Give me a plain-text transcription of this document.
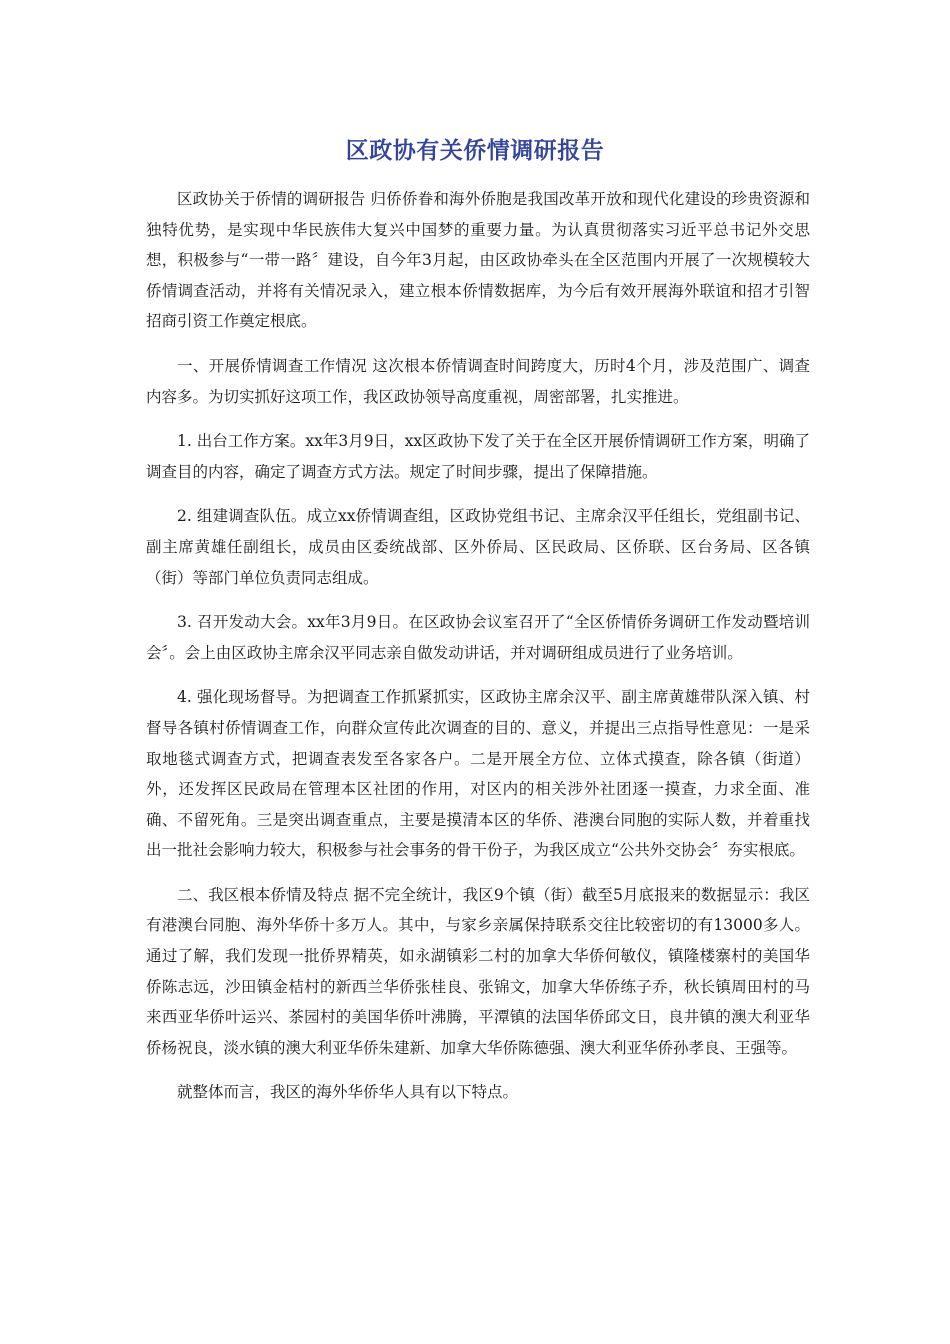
区政协有关侨情调研报告

区政协关于侨情的调研报告 归侨侨眷和海外侨胞是我国改革开放和现代化建设的珍贵资源和独特优势，是实现中华民族伟大复兴中国梦的重要力量。为认真贯彻落实习近平总书记外交思想，积极参与“一带一路〞建设，自今年3月起，由区政协牵头在全区范围内开展了一次规模较大侨情调查活动，并将有关情况录入，建立根本侨情数据库，为今后有效开展海外联谊和招才引智招商引资工作奠定根底。

一、开展侨情调查工作情况 这次根本侨情调查时间跨度大，历时4个月，涉及范围广、调查内容多。为切实抓好这项工作，我区政协领导高度重视，周密部署，扎实推进。

1. 出台工作方案。xx年3月9日，xx区政协下发了关于在全区开展侨情调研工作方案，明确了调查目的内容，确定了调查方式方法。规定了时间步骤，提出了保障措施。

2. 组建调查队伍。成立xx侨情调查组，区政协党组书记、主席余汉平任组长，党组副书记、副主席黄雄任副组长，成员由区委统战部、区外侨局、区民政局、区侨联、区台务局、区各镇（街）等部门单位负责同志组成。

3. 召开发动大会。xx年3月9日。在区政协会议室召开了“全区侨情侨务调研工作发动暨培训会〞。会上由区政协主席余汉平同志亲自做发动讲话，并对调研组成员进行了业务培训。

4. 强化现场督导。为把调查工作抓紧抓实，区政协主席余汉平、副主席黄雄带队深入镇、村督导各镇村侨情调查工作，向群众宣传此次调查的目的、意义，并提出三点指导性意见：一是采取地毯式调查方式，把调查表发至各家各户。二是开展全方位、立体式摸查，除各镇（街道）外，还发挥区民政局在管理本区社团的作用，对区内的相关涉外社团逐一摸查，力求全面、准确、不留死角。三是突出调查重点，主要是摸清本区的华侨、港澳台同胞的实际人数，并着重找出一批社会影响力较大，积极参与社会事务的骨干份子，为我区成立“公共外交协会〞夯实根底。

二、我区根本侨情及特点 据不完全统计，我区9个镇（街）截至5月底报来的数据显示：我区有港澳台同胞、海外华侨十多万人。其中，与家乡亲属保持联系交往比较密切的有13000多人。通过了解，我们发现一批侨界精英，如永湖镇彩二村的加拿大华侨何敏仪，镇隆楼寨村的美国华侨陈志远，沙田镇金桔村的新西兰华侨张桂良、张锦文，加拿大华侨练子乔，秋长镇周田村的马来西亚华侨叶运兴、茶园村的美国华侨叶沸腾，平潭镇的法国华侨邱文日，良井镇的澳大利亚华侨杨祝良，淡水镇的澳大利亚华侨朱建新、加拿大华侨陈德强、澳大利亚华侨孙孝良、王强等。

就整体而言，我区的海外华侨华人具有以下特点。
